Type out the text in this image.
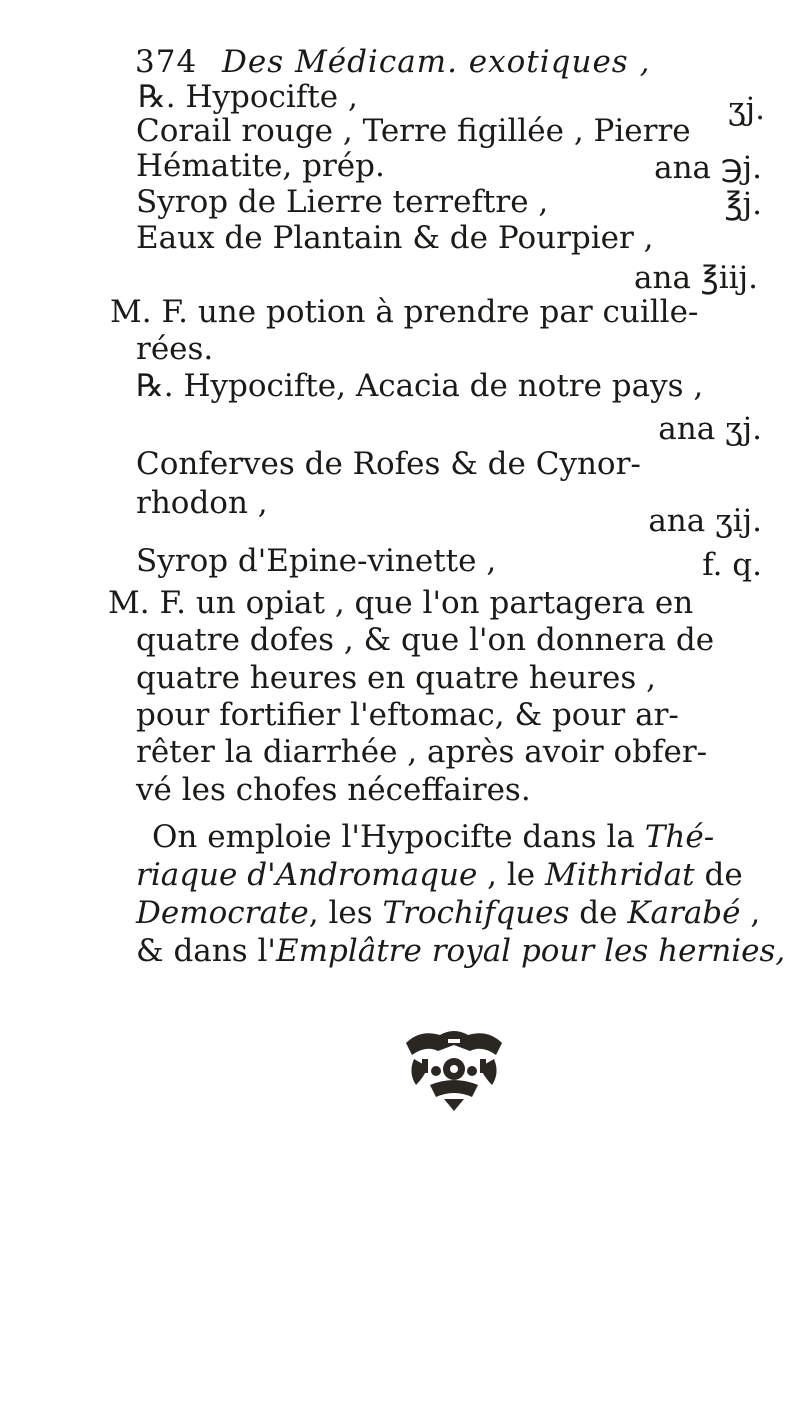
374 Des Médicam. exotiques ,
℞. Hypocifte ,	ʒj.
Corail rouge , Terre figillée , Pierre
Hématite, prép.	ana ℈j.
Syrop de Lierre terreftre ,	℥j.
Eaux de Plantain & de Pourpier ,
ana ℥iij.
M. F. une potion à prendre par cuille-
rées.
℞. Hypocifte, Acacia de notre pays ,
ana ʒj.
Conferves de Rofes & de Cynor-
rhodon ,	ana ʒij.
Syrop d'Epine-vinette ,	f. q.
M. F. un opiat , que l'on partagera en
quatre dofes , & que l'on donnera de
quatre heures en quatre heures ,
pour fortifier l'eftomac, & pour ar-
rêter la diarrhée , après avoir obfer-
vé les chofes néceffaires.
On emploie l'Hypocifte dans la Thé-
riaque d'Andromaque , le Mithridat de
Democrate, les Trochifques de Karabé ,
& dans l'Emplâtre royal pour les hernies,
